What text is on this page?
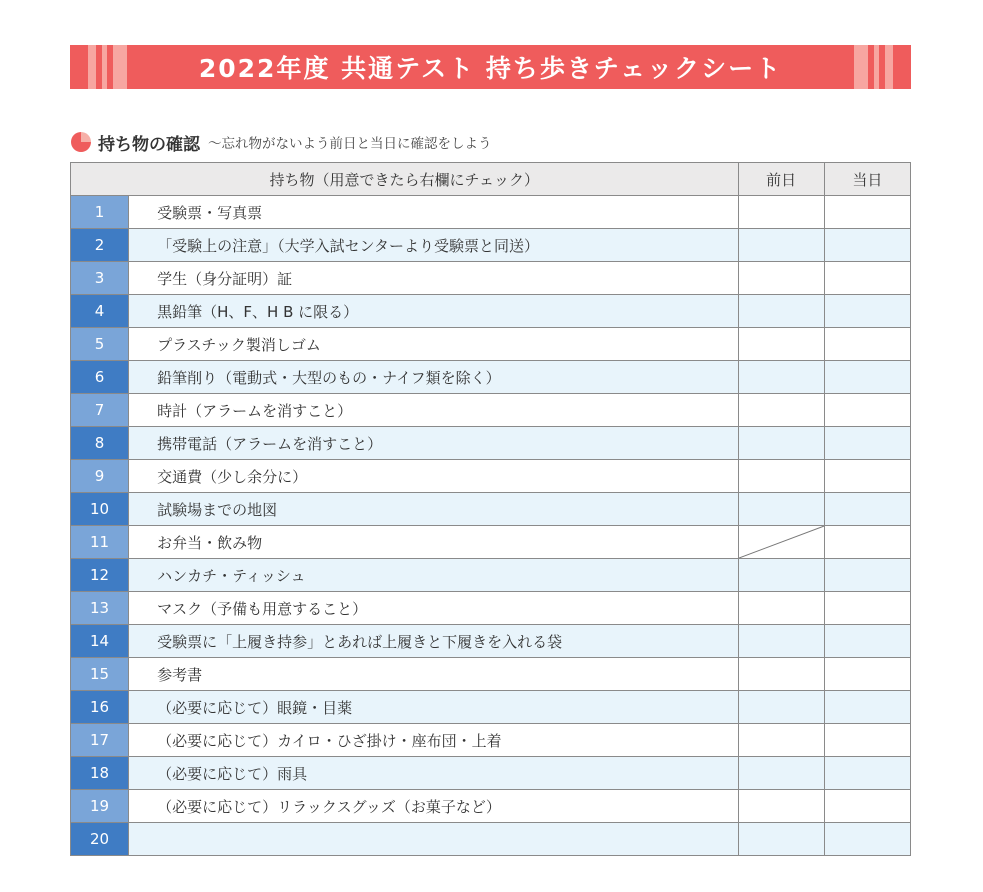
2022年度 共通テスト 持ち歩きチェックシート
持ち物の確認 ～忘れ物がないよう前日と当日に確認をしよう
持ち物（用意できたら右欄にチェック）		前日	当日
1	受験票・写真票		
2	「受験上の注意」（大学入試センターより受験票と同送）		
3	学生（身分証明）証		
4	黒鉛筆（H、F、H B に限る）		
5	プラスチック製消しゴム		
6	鉛筆削り（電動式・大型のもの・ナイフ類を除く）		
7	時計（アラームを消すこと）		
8	携帯電話（アラームを消すこと）		
9	交通費（少し余分に）		
10	試験場までの地図		
11	お弁当・飲み物	

12	ハンカチ・ティッシュ		
13	マスク（予備も用意すること）		
14	受験票に「上履き持参」とあれば上履きと下履きを入れる袋		
15	参考書		
16	（必要に応じて）眼鏡・目薬		
17	（必要に応じて）カイロ・ひざ掛け・座布団・上着		
18	（必要に応じて）雨具		
19	（必要に応じて）リラックスグッズ（お菓子など）		
20			
